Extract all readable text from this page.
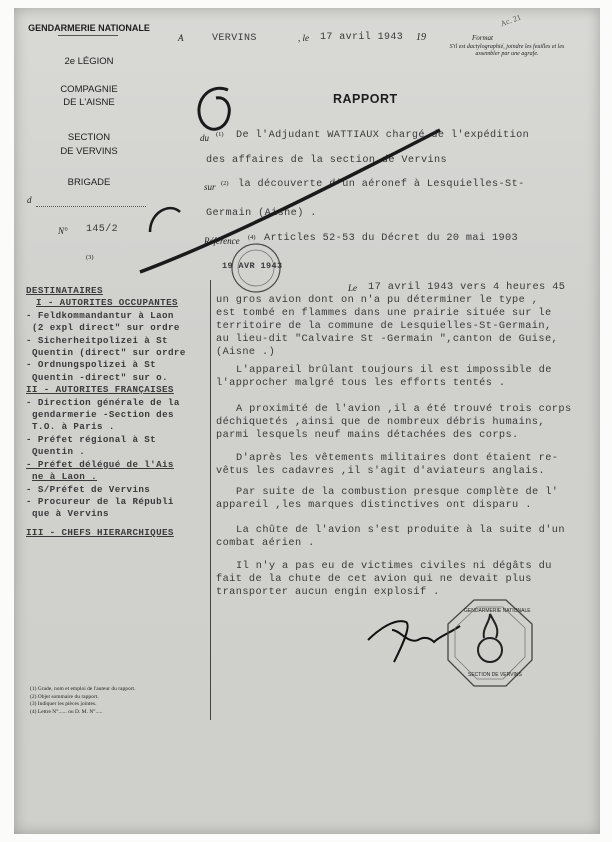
GENDARMERIE NATIONALE
2e LÉGION
COMPAGNIE
DE L'AISNE
SECTION
DE VERVINS
BRIGADE
d
N° 145/2
(3)
A	VERVINS	, le 17 avril 1943 19	Format
Ac. 21
S'il est dactylographié, joindre les feuilles et les assembler par une agrafe.
RAPPORT
du (1) De l'Adjudant WATTIAUX chargé de l'expédition
des affaires de la section de Vervins
sur (2) la découverte d'un aéronef à Lesquielles-St-
Germain (Aisne) .
Référence (4) Articles 52-53 du Décret du 20 mai 1903
19 AVR 1943
DESTINATAIRES
I - AUTORITES OCCUPANTES
- Feldkommandantur à Laon
(2 expl direct" sur ordre
- Sicherheitpolizei à St
Quentin (direct" sur ordre
- Ordnungspolizei à St
Quentin -direct" sur o.
II - AUTORITES FRANÇAISES
- Direction générale de la
gendarmerie -Section des
T.O. à Paris .
- Préfet régional à St
Quentin .
- Préfet délégué de l'Ais
ne à Laon .
- S/Préfet de Vervins
- Procureur de la Républi
que à Vervins
III - CHEFS HIERARCHIQUES
Le 17 avril 1943 vers 4 heures 45
un gros avion dont on n'a pu déterminer le type ,
est tombé en flammes dans une prairie située sur le
territoire de la commune de Lesquielles-St-Germain,
au lieu-dit "Calvaire St -Germain ",canton de Guise,
(Aisne .)
L'appareil brûlant toujours il est impossible de
l'approcher malgré tous les efforts tentés .
A proximité de l'avion ,il a été trouvé trois corps
déchiquetés ,ainsi que de nombreux débris humains,
parmi lesquels neuf mains détachées des corps.
D'après les vêtements militaires dont étaient re-
vêtus les cadavres ,il s'agit d'aviateurs anglais.
Par suite de la combustion presque complète de l'
appareil ,les marques distinctives ont disparu .
La chûte de l'avion s'est produite à la suite d'un
combat aérien .
Il n'y a pas eu de victimes civiles ni dégâts du
fait de la chute de cet avion qui ne devait plus
transporter aucun engin explosif .
GENDARMERIE NATIONALE
SECTION DE VERVINS
(1) Grade, nom et emploi de l'auteur du rapport.
(2) Objet sommaire du rapport.
(3) Indiquer les pièces jointes.
(4) Lettre N°...... ou D. M. N°.....
